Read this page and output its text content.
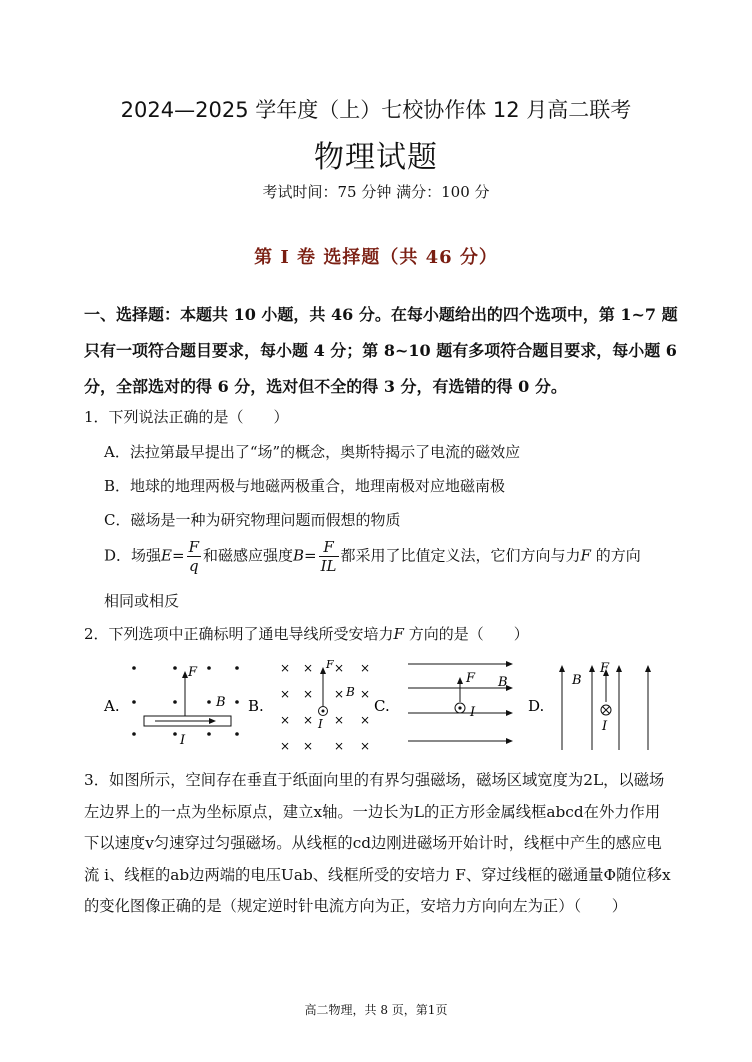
2024—2025 学年度（上）七校协作体 12 月高二联考
物理试题
考试时间：75 分钟 满分：100 分
第 I 卷 选择题（共 46 分）
一、选择题：本题共 10 小题，共 46 分。在每小题给出的四个选项中，第 1~7 题只有一项符合题目要求，每小题 4 分；第 8~10 题有多项符合题目要求，每小题 6 分，全部选对的得 6 分，选对但不全的得 3 分，有选错的得 0 分。
1．下列说法正确的是（　　）
A．法拉第最早提出了“场”的概念，奥斯特揭示了电流的磁效应
B．地球的地理两极与地磁两极重合，地理南极对应地磁南极
C．磁场是一种为研究物理问题而假想的物质
D．场强$E= \frac{F}{q}$ 和磁感应强度$B= \frac{F}{IL}$ 都采用了比值定义法，它们方向与力F 的方向
相同或相反
2．下列选项中正确标明了通电导线所受安培力F 方向的是（　　）
A.
F
B
I
B.
× × × ×
× × × ×
× × × ×
× × × ×
F
B
I
C.
F B
I	D.
B
F
I
3．如图所示，空间存在垂直于纸面向里的有界匀强磁场，磁场区域宽度为2L，以磁场
左边界上的一点为坐标原点，建立x轴。一边长为L的正方形金属线框abcd在外力作用
下以速度v匀速穿过匀强磁场。从线框的cd边刚进磁场开始计时，线框中产生的感应电
流 i、线框的ab边两端的电压Uab、线框所受的安培力 F、穿过线框的磁通量Φ随位移x
的变化图像正确的是（规定逆时针电流方向为正，安培力方向向左为正）（　　）
高二物理，共 8 页，第1页
